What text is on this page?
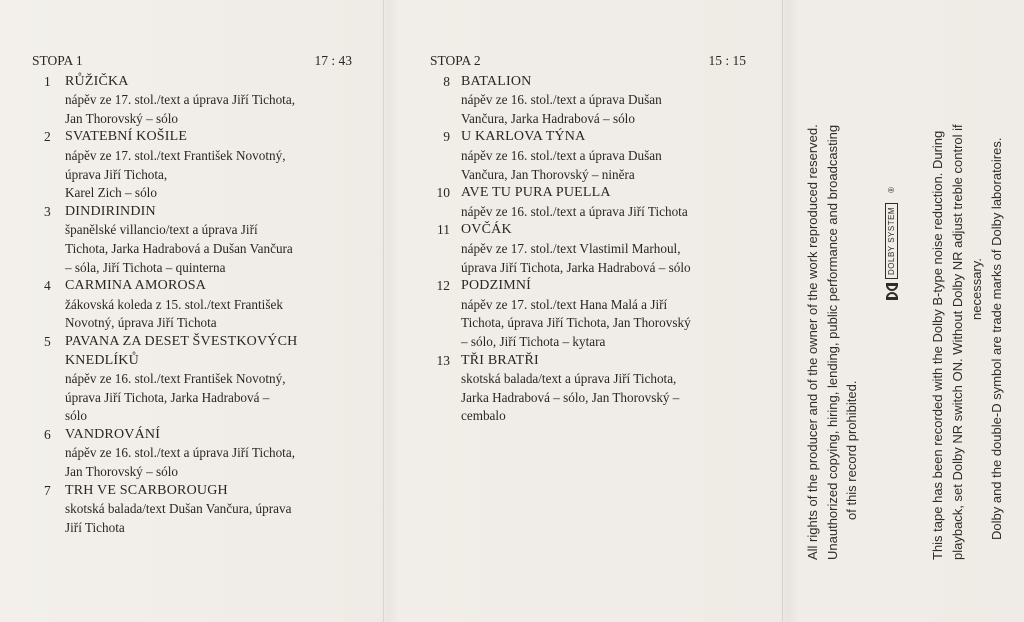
STOPA 1	17 : 43
1 RŮŽIČKA
nápěv ze 17. stol./text a úprava Jiří Tichota,
Jan Thorovský – sólo
2 SVATEBNÍ KOŠILE
nápěv ze 17. stol./text František Novotný,
úprava Jiří Tichota,
Karel Zich – sólo
3 DINDIRINDIN
španělské villancio/text a úprava Jiří
Tichota, Jarka Hadrabová a Dušan Vančura
– sóla, Jiří Tichota – quinterna
4 CARMINA AMOROSA
žákovská koleda z 15. stol./text František
Novotný, úprava Jiří Tichota
5 PAVANA ZA DESET ŠVESTKOVÝCH KNEDLÍKŮ
nápěv ze 16. stol./text František Novotný,
úprava Jiří Tichota, Jarka Hadrabová –
sólo
6 VANDROVÁNÍ
nápěv ze 16. stol./text a úprava Jiří Tichota,
Jan Thorovský – sólo
7 TRH VE SCARBOROUGH
skotská balada/text Dušan Vančura, úprava
Jiří Tichota
STOPA 2	15 : 15
8 BATALION
nápěv ze 16. stol./text a úprava Dušan
Vančura, Jarka Hadrabová – sólo
9 U KARLOVA TÝNA
nápěv ze 16. stol./text a úprava Dušan
Vančura, Jan Thorovský – niněra
10 AVE TU PURA PUELLA
nápěv ze 16. stol./text a úprava Jiří Tichota
11 OVČÁK
nápěv ze 17. stol./text Vlastimil Marhoul,
úprava Jiří Tichota, Jarka Hadrabová – sólo
12 PODZIMNÍ
nápěv ze 17. stol./text Hana Malá a Jiří
Tichota, úprava Jiří Tichota, Jan Thorovský
– sólo, Jiří Tichota – kytara
13 TŘI BRATŘI
skotská balada/text a úprava Jiří Tichota,
Jarka Hadrabová – sólo, Jan Thorovský –
cembalo	All rights of the producer and of the owner of the work reproduced reserved. Unauthorized copying, hiring, lending, public performance and broadcasting of this record prohibited.
DOLBY SYSTEM
®	This tape has been recorded with the Dolby B-type noise reduction. During playback, set Dolby NR switch ON. Without Dolby NR adjust treble control if necessary. Dolby and the double-D symbol are trade marks of Dolby laboratoires.
